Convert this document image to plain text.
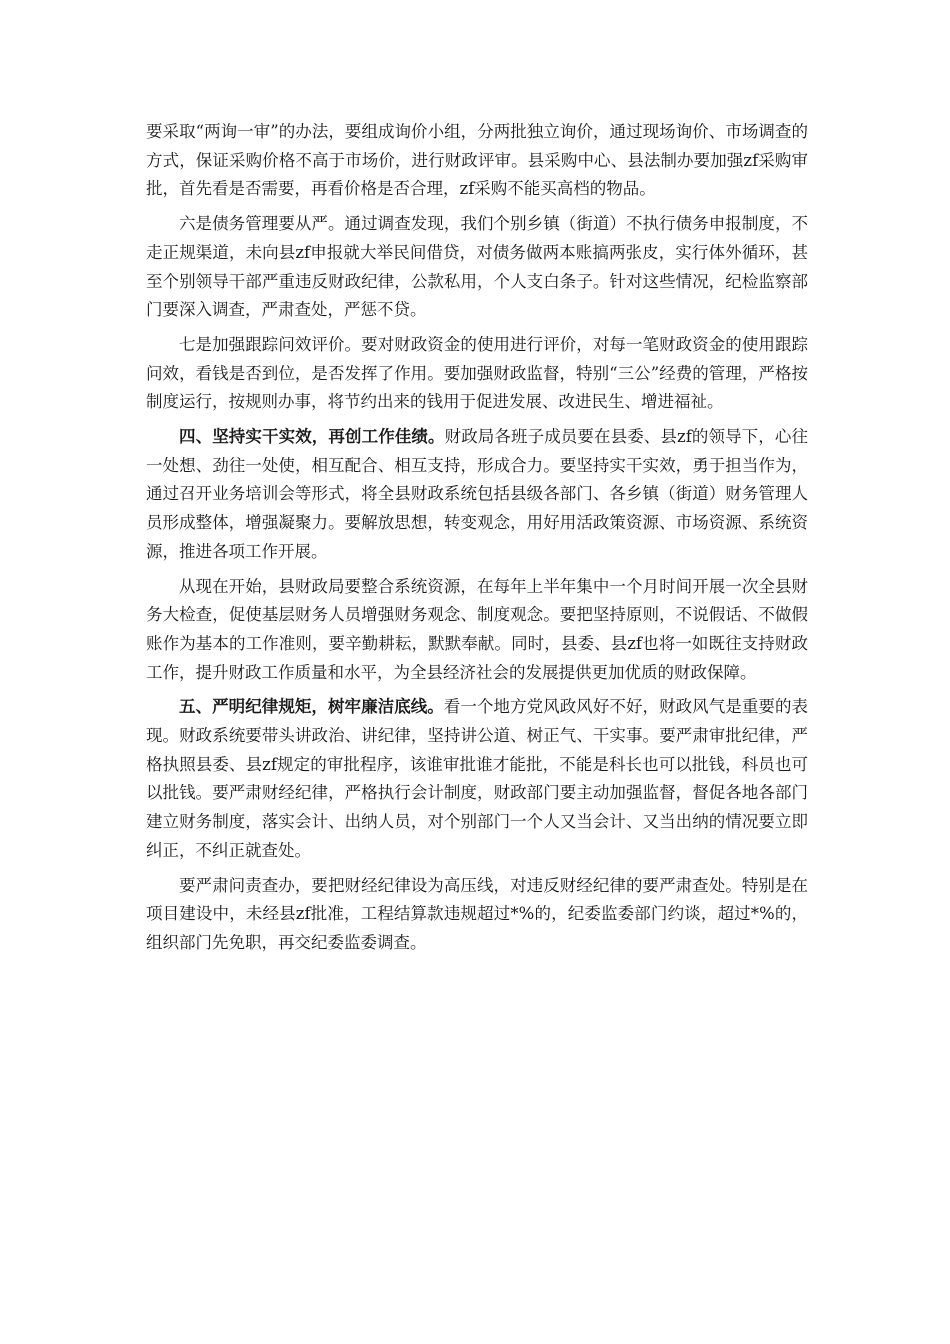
要采取“两询一审”的办法，要组成询价小组，分两批独立询价，通过现场询价、市场调查的方式，保证采购价格不高于市场价，进行财政评审。县采购中心、县法制办要加强zf采购审批，首先看是否需要，再看价格是否合理，zf采购不能买高档的物品。

六是债务管理要从严。通过调查发现，我们个别乡镇（街道）不执行债务申报制度，不走正规渠道，未向县zf申报就大举民间借贷，对债务做两本账搞两张皮，实行体外循环，甚至个别领导干部严重违反财政纪律，公款私用，个人支白条子。针对这些情况，纪检监察部门要深入调查，严肃查处，严惩不贷。

七是加强跟踪问效评价。要对财政资金的使用进行评价，对每一笔财政资金的使用跟踪问效，看钱是否到位，是否发挥了作用。要加强财政监督，特别“三公”经费的管理，严格按制度运行，按规则办事，将节约出来的钱用于促进发展、改进民生、增进福祉。

四、坚持实干实效，再创工作佳绩。财政局各班子成员要在县委、县zf的领导下，心往一处想、劲往一处使，相互配合、相互支持，形成合力。要坚持实干实效，勇于担当作为，通过召开业务培训会等形式，将全县财政系统包括县级各部门、各乡镇（街道）财务管理人员形成整体，增强凝聚力。要解放思想，转变观念，用好用活政策资源、市场资源、系统资源，推进各项工作开展。

从现在开始，县财政局要整合系统资源，在每年上半年集中一个月时间开展一次全县财务大检查，促使基层财务人员增强财务观念、制度观念。要把坚持原则，不说假话、不做假账作为基本的工作准则，要辛勤耕耘，默默奉献。同时，县委、县zf也将一如既往支持财政工作，提升财政工作质量和水平，为全县经济社会的发展提供更加优质的财政保障。

五、严明纪律规矩，树牢廉洁底线。看一个地方党风政风好不好，财政风气是重要的表现。财政系统要带头讲政治、讲纪律，坚持讲公道、树正气、干实事。要严肃审批纪律，严格执照县委、县zf规定的审批程序，该谁审批谁才能批，不能是科长也可以批钱，科员也可以批钱。要严肃财经纪律，严格执行会计制度，财政部门要主动加强监督，督促各地各部门建立财务制度，落实会计、出纳人员，对个别部门一个人又当会计、又当出纳的情况要立即纠正，不纠正就查处。

要严肃问责查办，要把财经纪律设为高压线，对违反财经纪律的要严肃查处。特别是在项目建设中，未经县zf批准，工程结算款违规超过*%的，纪委监委部门约谈，超过*%的，组织部门先免职，再交纪委监委调查。
